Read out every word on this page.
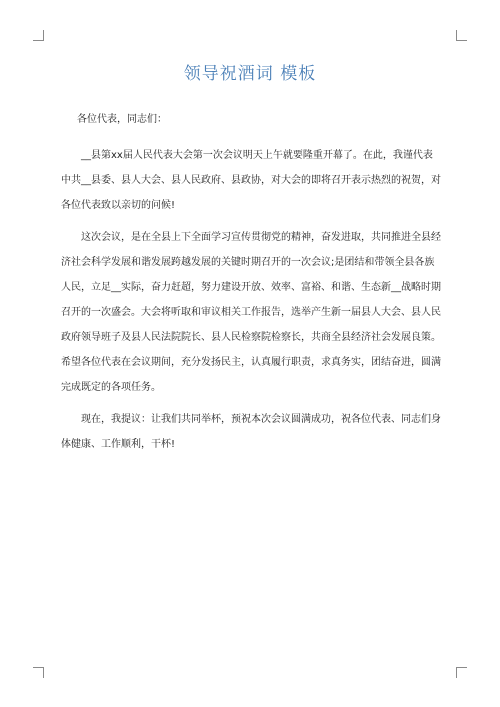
领导祝酒词 模板

各位代表，同志们：

__县第xx届人民代表大会第一次会议明天上午就要隆重开幕了。在此，我谨代表中共__县委、县人大会、县人民政府、县政协，对大会的即将召开表示热烈的祝贺，对各位代表致以亲切的问候!

这次会议，是在全县上下全面学习宣传贯彻党的精神，奋发进取，共同推进全县经济社会科学发展和谐发展跨越发展的关键时期召开的一次会议;是团结和带领全县各族人民，立足__实际，奋力赶超，努力建设开放、效率、富裕、和谐、生态新__战略时期召开的一次盛会。大会将听取和审议相关工作报告，选举产生新一届县人大会、县人民政府领导班子及县人民法院院长、县人民检察院检察长，共商全县经济社会发展良策。希望各位代表在会议期间，充分发扬民主，认真履行职责，求真务实，团结奋进，圆满完成既定的各项任务。

现在，我提议：让我们共同举杯，预祝本次会议圆满成功，祝各位代表、同志们身体健康、工作顺利，干杯!
